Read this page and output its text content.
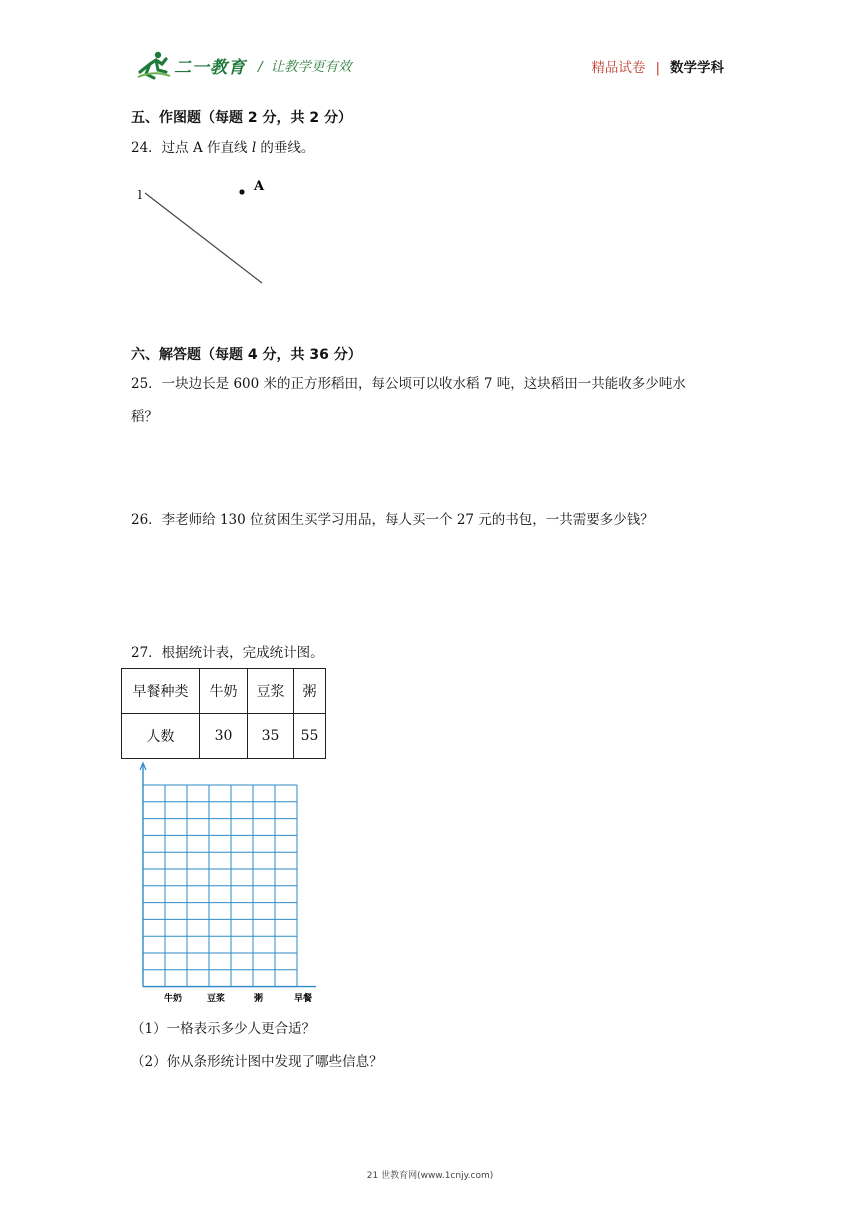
二一教育 / 让教学更有效	精品试卷 | 数学学科
五、作图题（每题 2 分，共 2 分）
24．过点 A 作直线 l 的垂线。
l
A
六、解答题（每题 4 分，共 36 分）
25．一块边长是 600 米的正方形稻田，每公顷可以收水稻 7 吨，这块稻田一共能收多少吨水
稻？
26．李老师给 130 位贫困生买学习用品，每人买一个 27 元的书包，一共需要多少钱？
27．根据统计表，完成统计图。
早餐种类	牛奶	豆浆	粥
人数	30	35	55
牛奶	豆浆	粥	早餐
（1）一格表示多少人更合适？
（2）你从条形统计图中发现了哪些信息？
21 世教育网(www.1cnjy.com)
